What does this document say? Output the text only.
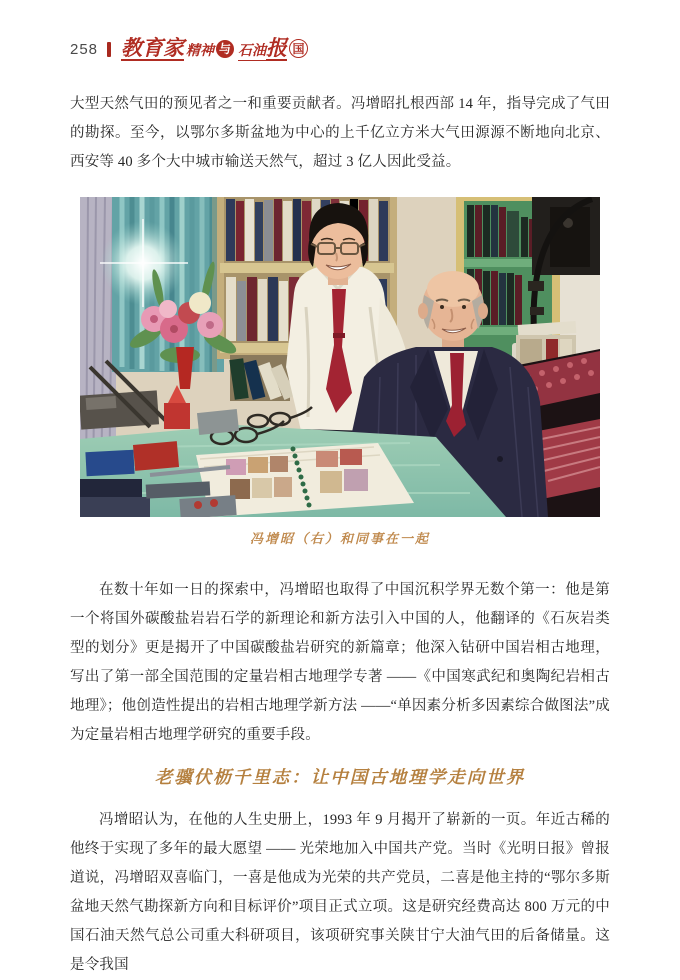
258 教育家 精神 与 石油 报 国

大型天然气田的预见者之一和重要贡献者。冯增昭扎根西部 14 年，指导完成了气田的勘探。至今，以鄂尔多斯盆地为中心的上千亿立方米大气田源源不断地向北京、西安等 40 多个大中城市输送天然气，超过 3 亿人因此受益。

冯增昭（右）和同事在一起

在数十年如一日的探索中，冯增昭也取得了中国沉积学界无数个第一：他是第一个将国外碳酸盐岩岩石学的新理论和新方法引入中国的人，他翻译的《石灰岩类型的划分》更是揭开了中国碳酸盐岩研究的新篇章；他深入钻研中国岩相古地理，写出了第一部全国范围的定量岩相古地理学专著 ——《中国寒武纪和奥陶纪岩相古地理》；他创造性提出的岩相古地理学新方法 ——“单因素分析多因素综合做图法”成为定量岩相古地理学研究的重要手段。

老骥伏枥千里志：让中国古地理学走向世界

冯增昭认为，在他的人生史册上，1993 年 9 月揭开了崭新的一页。年近古稀的他终于实现了多年的最大愿望 —— 光荣地加入中国共产党。当时《光明日报》曾报道说，冯增昭双喜临门，一喜是他成为光荣的共产党员，二喜是他主持的“鄂尔多斯盆地天然气勘探新方向和目标评价”项目正式立项。这是研究经费高达 800 万元的中国石油天然气总公司重大科研项目，该项研究事关陕甘宁大油气田的后备储量。这是令我国
